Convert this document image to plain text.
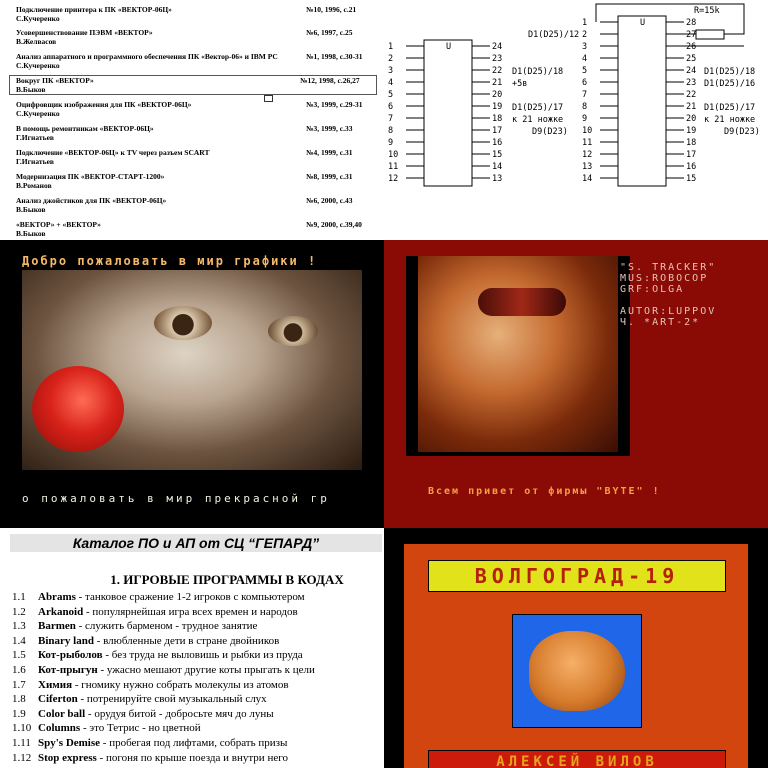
Подключение принтера к ПК «ВЕКТОР-06Ц»	№10, 1996, с.21
С.Кучеренко
Усовершенствование ПЭВМ «ВЕКТОР»	№6, 1997, с.25
В.Желвасов
Анализ аппаратного и программного обеспечения ПК «Вектор-06» и IBM PC	№1, 1998, с.30-31
С.Кучеренко
Вокруг ПК «ВЕКТОР»	№12, 1998, с.26,27
В.Быков
Оцифровщик изображения для ПК «ВЕКТОР-06Ц»	№3, 1999, с.29-31
С.Кучеренко
В помощь ремонтникам «ВЕКТОР-06Ц»	№3, 1999, с.33
Г.Игнатьев
Подключение «ВЕКТОР-06Ц» к TV через разъем SCART	№4, 1999, с.31
Г.Игнатьев
Модернизация ПК «ВЕКТОР-СТАРТ-1200»	№8, 1999, с.31
В.Романов
Анализ джойстиков для ПК «ВЕКТОР-06Ц»	№6, 2000, с.43
В.Быков
«ВЕКТОР» + «ВЕКТОР»	№9, 2000, с.39,40
В.Быков
U
1
2
3
4
5
6
7
8
9
10
11
12
24
23
22
21
20
19
18
17
16
15
14
13
D1(D25)/18
+5в
D1(D25)/17
к 21 ножке
D9(D23)
U
1
2
3
4
5
6
7
8
9
10
11
12
13
14
28
27
26
25
24
23
22
21
20
19
18
17
16
15
R=15k
D1(D25)/12
D1(D25)/18
D1(D25)/16
D1(D25)/17
к 21 ножке
D9(D23)
Добро пожаловать в мир графики !
о пожаловать в мир прекрасной гр
"S. TRACKER"
MUS:ROBOCOP
GRF:OLGA

AUTOR:LUPPOV
Ч. *ART-2*
Всем привет от фирмы "BYTE" !
Каталог ПО и АП от СЦ “ГЕПАРД”
1. ИГРОВЫЕ ПРОГРАММЫ В КОДАХ
1.1 Abrams - танковое сражение 1-2 игроков с компьютером
1.2 Arkanoid - популярнейшая игра всех времен и народов
1.3 Barmen - служить барменом - трудное занятие
1.4 Binary land - влюбленные дети в стране двойников
1.5 Кот-рыболов - без труда не выловишь и рыбки из пруда
1.6 Кот-прыгун - ужасно мешают другие коты прыгать к цели
1.7 Химия - гномику нужно собрать молекулы из атомов
1.8 Ciferton - потренируйте свой музыкальный слух
1.9 Color ball - орудуя битой - добросьте мяч до луны
1.10 Columns - это Тетрис - но цветной
1.11 Spy's Demise - пробегая под лифтами, собрать призы
1.12 Stop express - погоня по крыше поезда и внутри него
ВОЛГОГРАД-19
АЛЕКСЕЙ ВИЛОВ
